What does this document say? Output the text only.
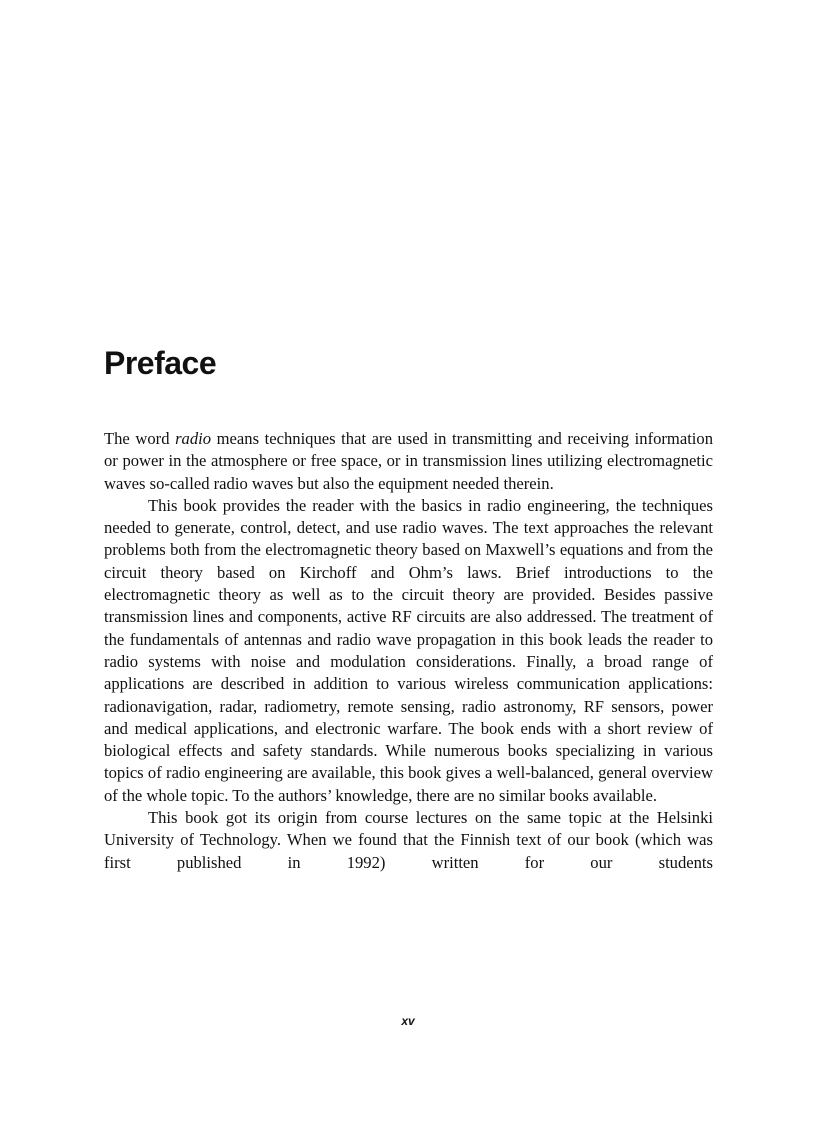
Preface

The word radio means techniques that are used in transmitting and receiving information or power in the atmosphere or free space, or in transmission lines utilizing electromagnetic waves so-called radio waves but also the equipment needed therein.

This book provides the reader with the basics in radio engineering, the techniques needed to generate, control, detect, and use radio waves. The text approaches the relevant problems both from the electromagnetic theory based on Maxwell’s equations and from the circuit theory based on Kirchoff and Ohm’s laws. Brief introductions to the electromagnetic theory as well as to the circuit theory are provided. Besides passive transmission lines and components, active RF circuits are also addressed. The treatment of the fundamentals of antennas and radio wave propagation in this book leads the reader to radio systems with noise and modulation considerations. Finally, a broad range of applications are described in addition to various wireless communication applications: radionavigation, radar, radiometry, remote sensing, radio astronomy, RF sensors, power and medical applications, and electronic warfare. The book ends with a short review of biological effects and safety standards. While numerous books specializing in various topics of radio engineering are available, this book gives a well-balanced, general overview of the whole topic. To the authors’ knowledge, there are no similar books available.

This book got its origin from course lectures on the same topic at the Helsinki University of Technology. When we found that the Finnish text of our book (which was first published in 1992) written for our students

xv
